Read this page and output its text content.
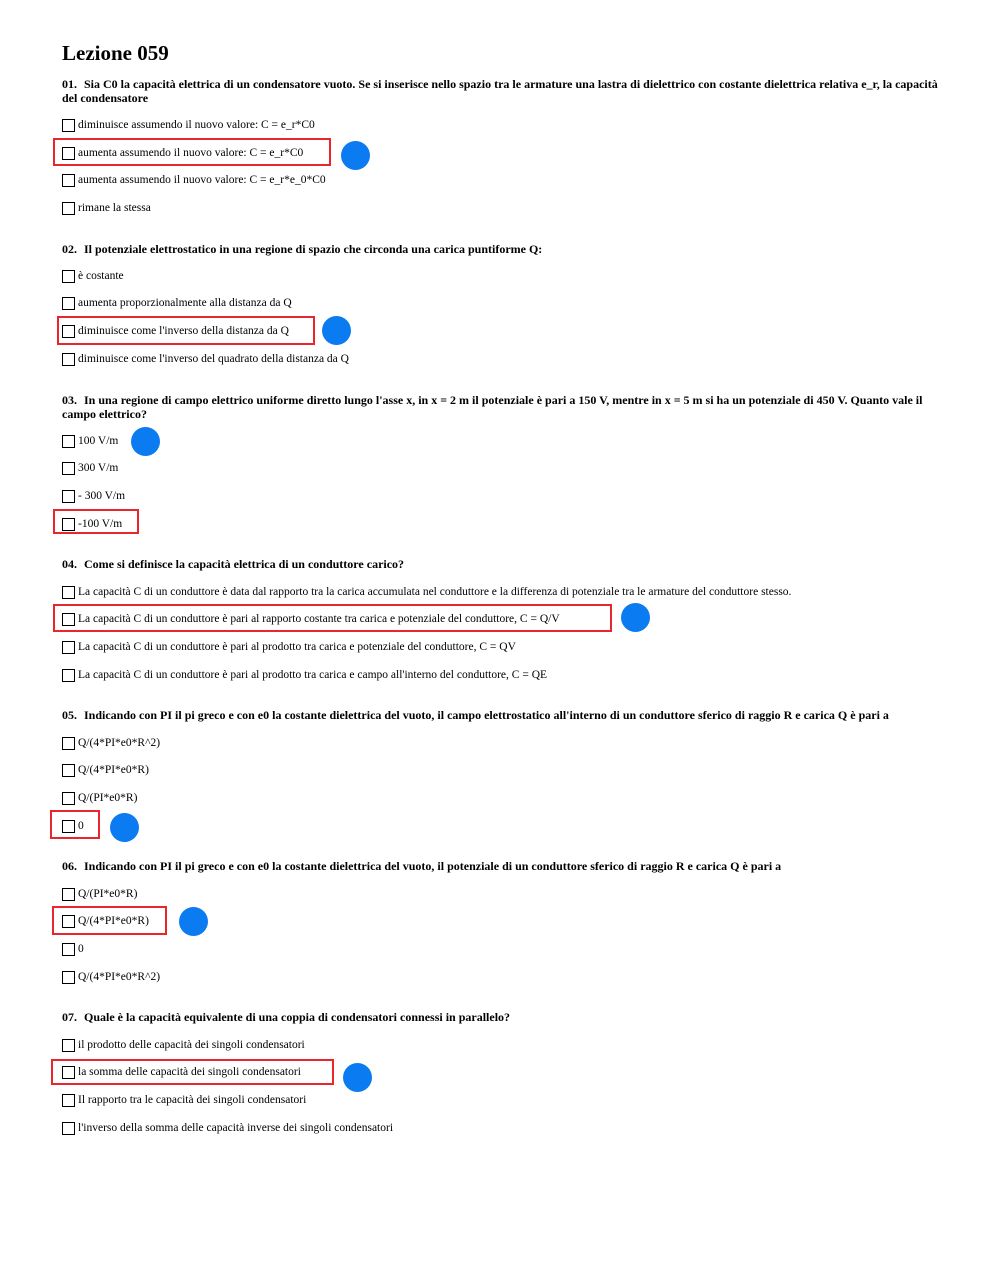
Lezione 059

01. Sia C0 la capacità elettrica di un condensatore vuoto. Se si inserisce nello spazio tra le armature una lastra di dielettrico con costante dielettrica relativa e_r, la capacità del condensatore

diminuisce assumendo il nuovo valore: C = e_r*C0
aumenta assumendo il nuovo valore: C = e_r*C0
aumenta assumendo il nuovo valore: C = e_r*e_0*C0
rimane la stessa

02. Il potenziale elettrostatico in una regione di spazio che circonda una carica puntiforme Q:

è costante
aumenta proporzionalmente alla distanza da Q
diminuisce come l'inverso della distanza da Q
diminuisce come l'inverso del quadrato della distanza da Q

03. In una regione di campo elettrico uniforme diretto lungo l'asse x, in x = 2 m il potenziale è pari a 150 V, mentre in x = 5 m si ha un potenziale di 450 V. Quanto vale il campo elettrico?

100 V/m
300 V/m
- 300 V/m
-100 V/m

04. Come si definisce la capacità elettrica di un conduttore carico?

La capacità C di un conduttore è data dal rapporto tra la carica accumulata nel conduttore e la differenza di potenziale tra le armature del conduttore stesso.
La capacità C di un conduttore è pari al rapporto costante tra carica e potenziale del conduttore, C = Q/V
La capacità C di un conduttore è pari al prodotto tra carica e potenziale del conduttore, C = QV
La capacità C di un conduttore è pari al prodotto tra carica e campo all'interno del conduttore, C = QE

05. Indicando con PI il pi greco e con e0 la costante dielettrica del vuoto, il campo elettrostatico all'interno di un conduttore sferico di raggio R e carica Q è pari a

Q/(4*PI*e0*R^2)
Q/(4*PI*e0*R)
Q/(PI*e0*R)
0

06. Indicando con PI il pi greco e con e0 la costante dielettrica del vuoto, il potenziale di un conduttore sferico di raggio R e carica Q è pari a

Q/(PI*e0*R)
Q/(4*PI*e0*R)
0
Q/(4*PI*e0*R^2)

07. Quale è la capacità equivalente di una coppia di condensatori connessi in parallelo?

il prodotto delle capacità dei singoli condensatori
la somma delle capacità dei singoli condensatori
Il rapporto tra le capacità dei singoli condensatori
l'inverso della somma delle capacità inverse dei singoli condensatori
